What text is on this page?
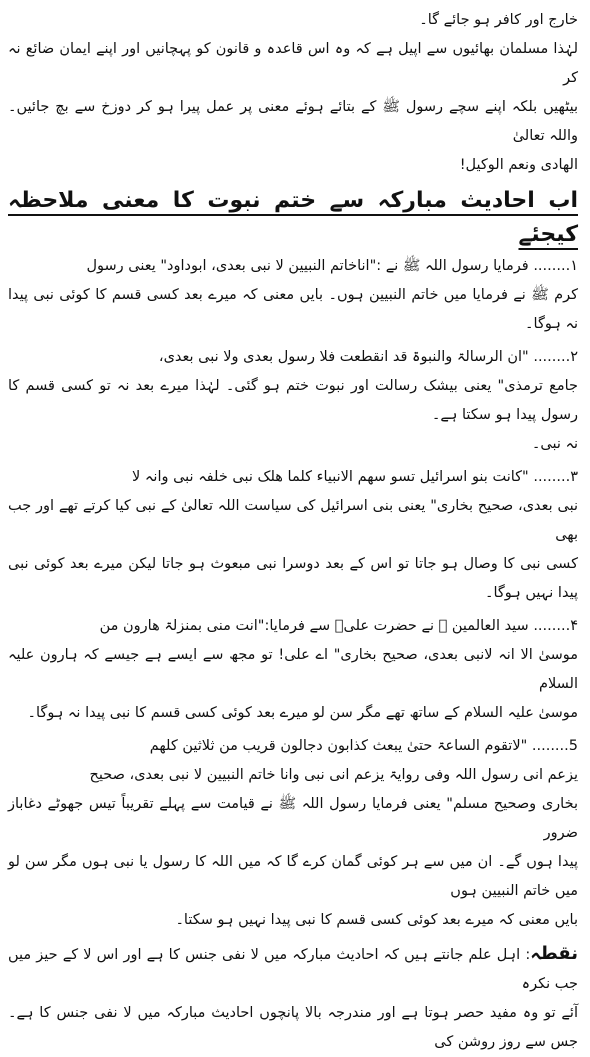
خارج اور کافر ہو جائے گا۔

لہٰذا مسلمان بھائیوں سے اپیل ہے کہ وہ اس قاعدہ و قانون کو پہچانیں اور اپنے ایمان ضائع نہ کر

بیٹھیں بلکہ اپنے سچے رسول ﷺ کے بتائے ہوئے معنی پر عمل پیرا ہو کر دوزخ سے بچ جائیں۔ واللہ تعالیٰ

الهادی ونعم الوکیل!

اب احادیث مبارکہ سے ختم نبوت کا معنی ملاحظہ کیجئے

۱........ فرمایا رسول اللہ ﷺ نے :"اناخاتم النبیین لا نبی بعدی، ابوداود" یعنی رسول

کرم ﷺ نے فرمایا میں خاتم النبیین ہوں۔ بایں معنی کہ میرے بعد کسی قسم کا کوئی نبی پیدا نہ ہوگا۔

۲........ "ان الرسالۃ والنبوۃ قد انقطعت فلا رسول بعدی ولا نبی بعدی،

جامع ترمذی" یعنی بیشک رسالت اور نبوت ختم ہو گئی۔ لہٰذا میرے بعد نہ تو کسی قسم کا رسول پیدا ہو سکتا ہے۔

نہ نبی۔

۳........ "کانت بنو اسرائیل تسو سھم الانبیاء کلما ھلک نبی خلفہ نبی وانہ لا

نبی بعدی، صحیح بخاری" یعنی بنی اسرائیل کی سیاست اللہ تعالیٰ کے نبی کیا کرتے تھے اور جب بھی

کسی نبی کا وصال ہو جاتا تو اس کے بعد دوسرا نبی مبعوث ہو جاتا لیکن میرے بعد کوئی نبی پیدا نہیں ہوگا۔

۴........ سید العالمین ﷺ نے حضرت علیؓ سے فرمایا:"انت منی بمنزلۃ ھارون من

موسیٰ الا انہ لانبی بعدی، صحیح بخاری" اے علی! تو مجھ سے ایسے ہے جیسے کہ ہارون علیہ السلام

موسیٰ علیہ السلام کے ساتھ تھے مگر سن لو میرے بعد کوئی کسی قسم کا نبی پیدا نہ ہوگا۔

5........ "لاتقوم الساعۃ حتیٰ یبعث کذابون دجالون قریب من ثلاثین کلھم

یزعم انی رسول اللہ وفی روایۃ یزعم انی نبی وانا خاتم النبیین لا نبی بعدی، صحیح

بخاری وصحیح مسلم" یعنی فرمایا رسول اللہ ﷺ نے قیامت سے پہلے تقریباً تیس جھوٹے دغاباز ضرور

پیدا ہوں گے۔ ان میں سے ہر کوئی گمان کرے گا کہ میں اللہ کا رسول یا نبی ہوں مگر سن لو میں خاتم النبیین ہوں

بایں معنی کہ میرے بعد کوئی کسی قسم کا نبی پیدا نہیں ہو سکتا۔

نقطہ: اہل علم جانتے ہیں کہ احادیث مبارکہ میں لا نفی جنس کا ہے اور اس لا کے حیز میں جب نکرہ

آئے تو وہ مفید حصر ہوتا ہے اور مندرجہ بالا پانچوں احادیث مبارکہ میں لا نفی جنس کا ہے۔ جس سے روز روشن کی
